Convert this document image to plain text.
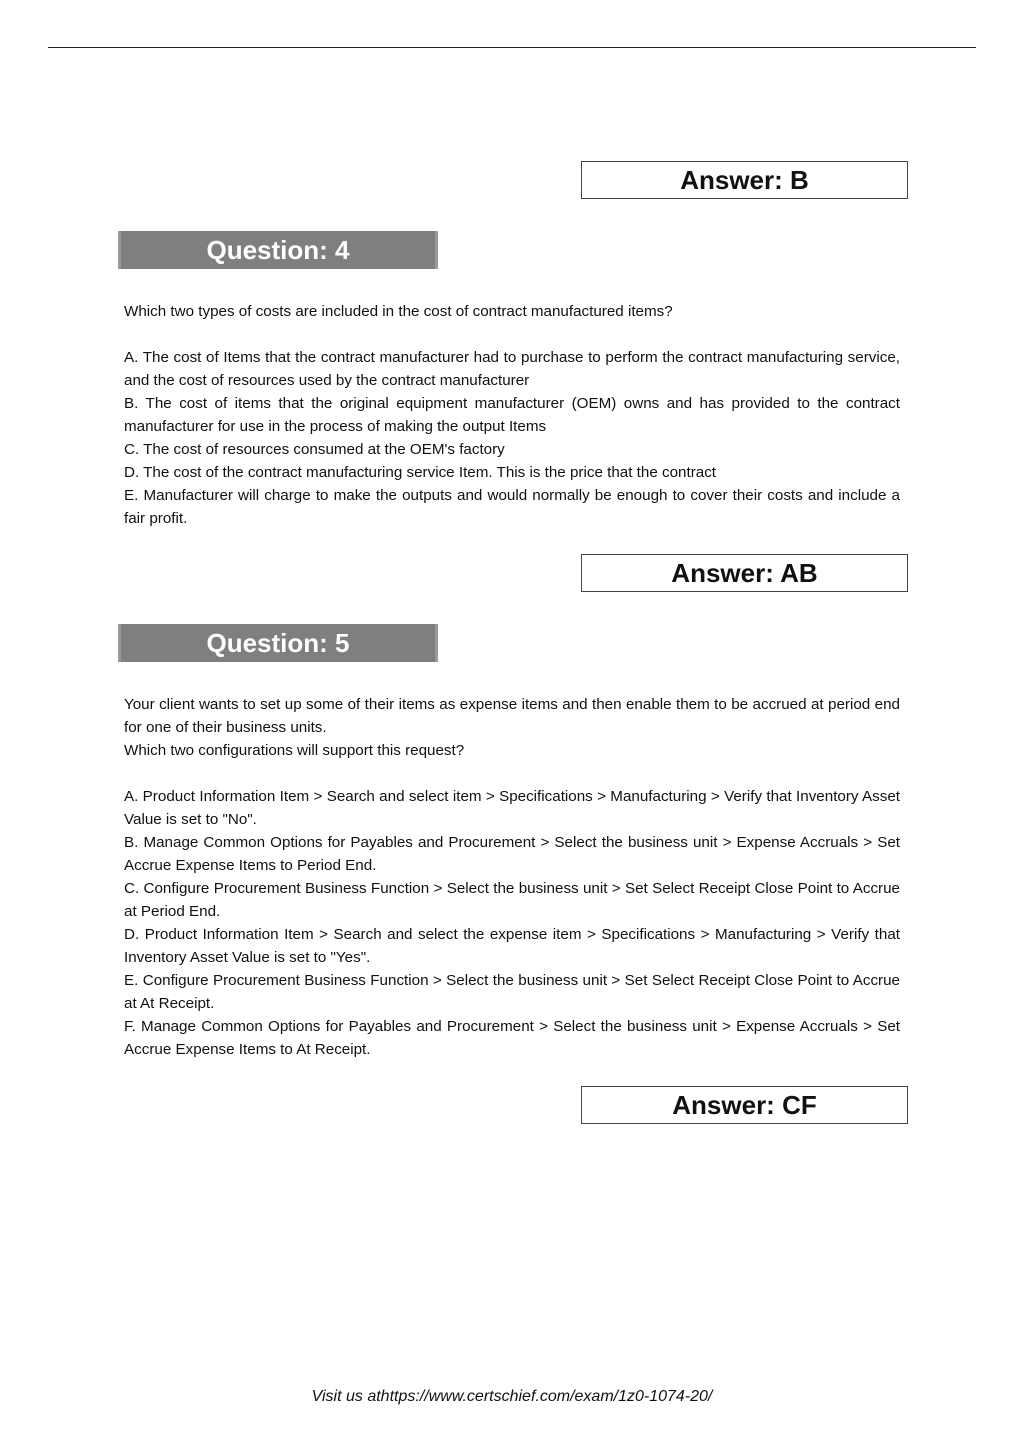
Answer: B
Question: 4

Which two types of costs are included in the cost of contract manufactured items?

A. The cost of Items that the contract manufacturer had to purchase to perform the contract manufacturing service, and the cost of resources used by the contract manufacturer

B. The cost of items that the original equipment manufacturer (OEM) owns and has provided to the contract manufacturer for use in the process of making the output Items

C. The cost of resources consumed at the OEM's factory

D. The cost of the contract manufacturing service Item. This is the price that the contract

E. Manufacturer will charge to make the outputs and would normally be enough to cover their costs and include a fair profit.

Answer: AB
Question: 5

Your client wants to set up some of their items as expense items and then enable them to be accrued at period end for one of their business units.

Which two configurations will support this request?

A. Product Information Item > Search and select item > Specifications > Manufacturing > Verify that Inventory Asset Value is set to "No".

B. Manage Common Options for Payables and Procurement > Select the business unit > Expense Accruals > Set Accrue Expense Items to Period End.

C. Configure Procurement Business Function > Select the business unit > Set Select Receipt Close Point to Accrue at Period End.

D. Product Information Item > Search and select the expense item > Specifications > Manufacturing > Verify that Inventory Asset Value is set to "Yes".

E. Configure Procurement Business Function > Select the business unit > Set Select Receipt Close Point to Accrue at At Receipt.

F. Manage Common Options for Payables and Procurement > Select the business unit > Expense Accruals > Set Accrue Expense Items to At Receipt.

Answer: CF
Visit us athttps://www.certschief.com/exam/1z0-1074-20/
